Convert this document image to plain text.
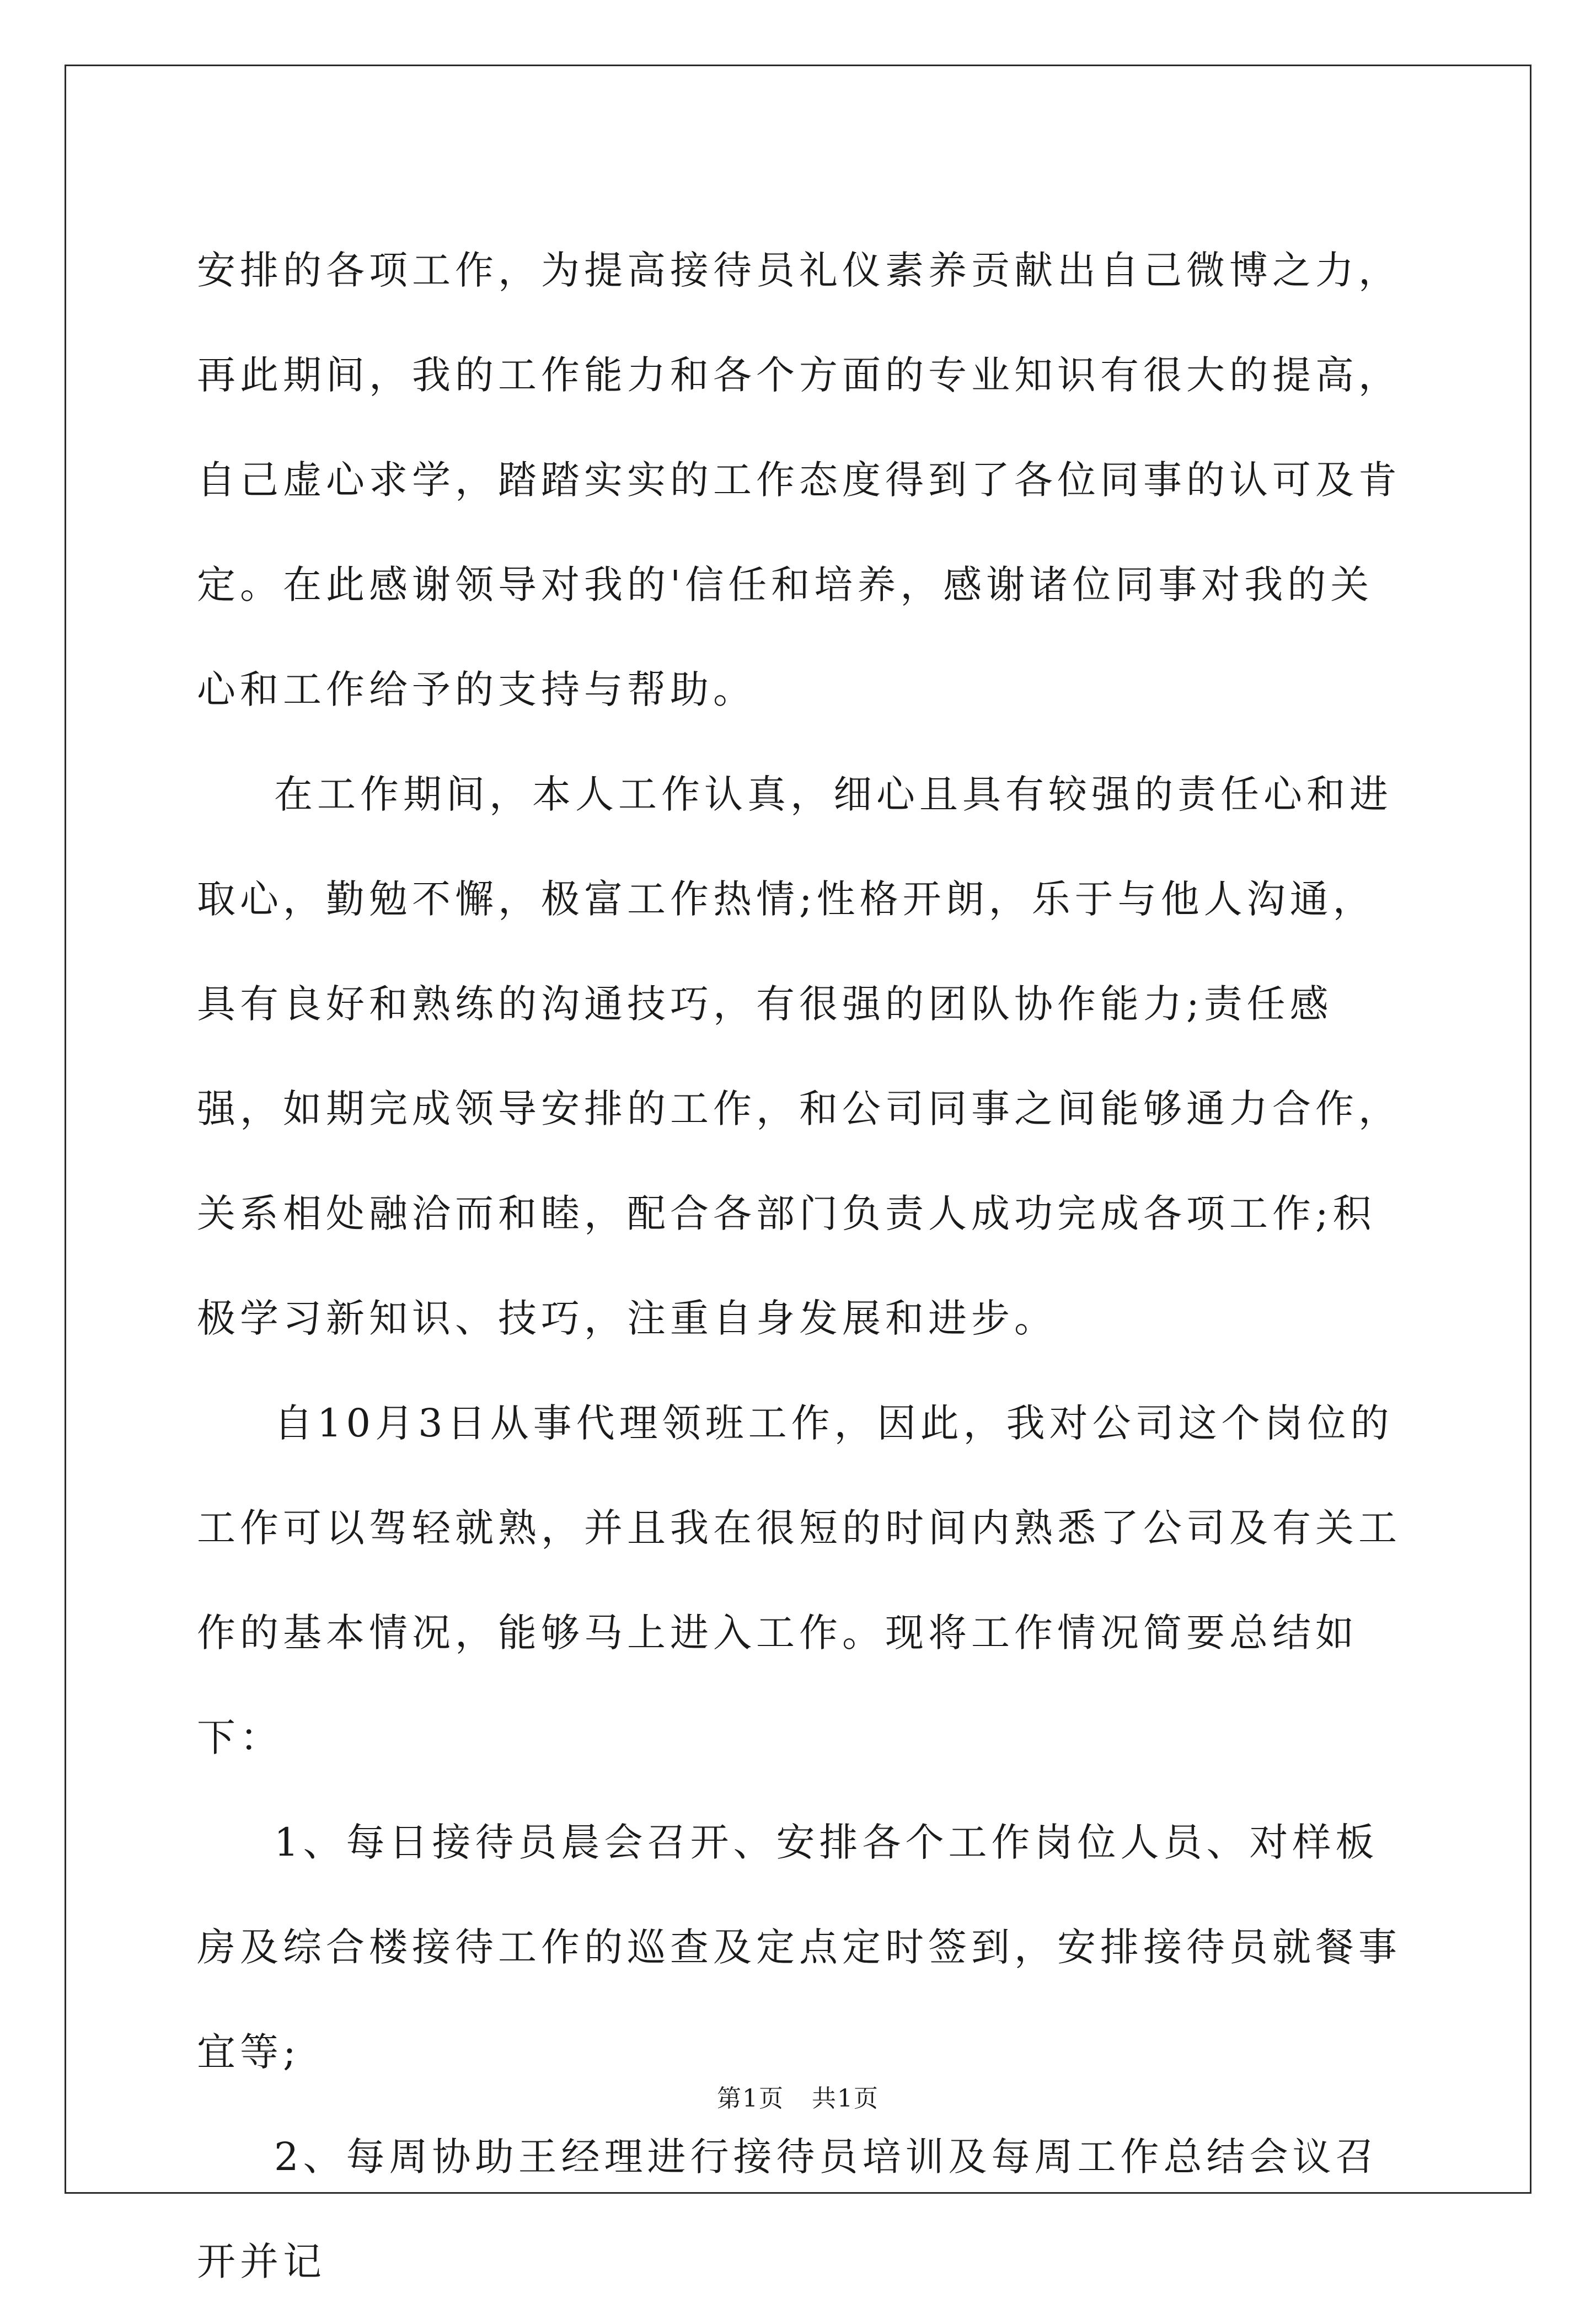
安排的各项工作，为提高接待员礼仪素养贡献出自己微博之力，再此期间，我的工作能力和各个方面的专业知识有很大的提高，自己虚心求学，踏踏实实的工作态度得到了各位同事的认可及肯定。在此感谢领导对我的'信任和培养，感谢诸位同事对我的关心和工作给予的支持与帮助。

在工作期间，本人工作认真，细心且具有较强的责任心和进取心，勤勉不懈，极富工作热情;性格开朗，乐于与他人沟通，具有良好和熟练的沟通技巧，有很强的团队协作能力;责任感强，如期完成领导安排的工作，和公司同事之间能够通力合作，关系相处融洽而和睦，配合各部门负责人成功完成各项工作;积极学习新知识、技巧，注重自身发展和进步。

自10月3日从事代理领班工作，因此，我对公司这个岗位的工作可以驾轻就熟，并且我在很短的时间内熟悉了公司及有关工作的基本情况，能够马上进入工作。现将工作情况简要总结如下：

1、每日接待员晨会召开、安排各个工作岗位人员、对样板房及综合楼接待工作的巡查及定点定时签到，安排接待员就餐事宜等;

2、每周协助王经理进行接待员培训及每周工作总结会议召开并记

第1页 共1页
